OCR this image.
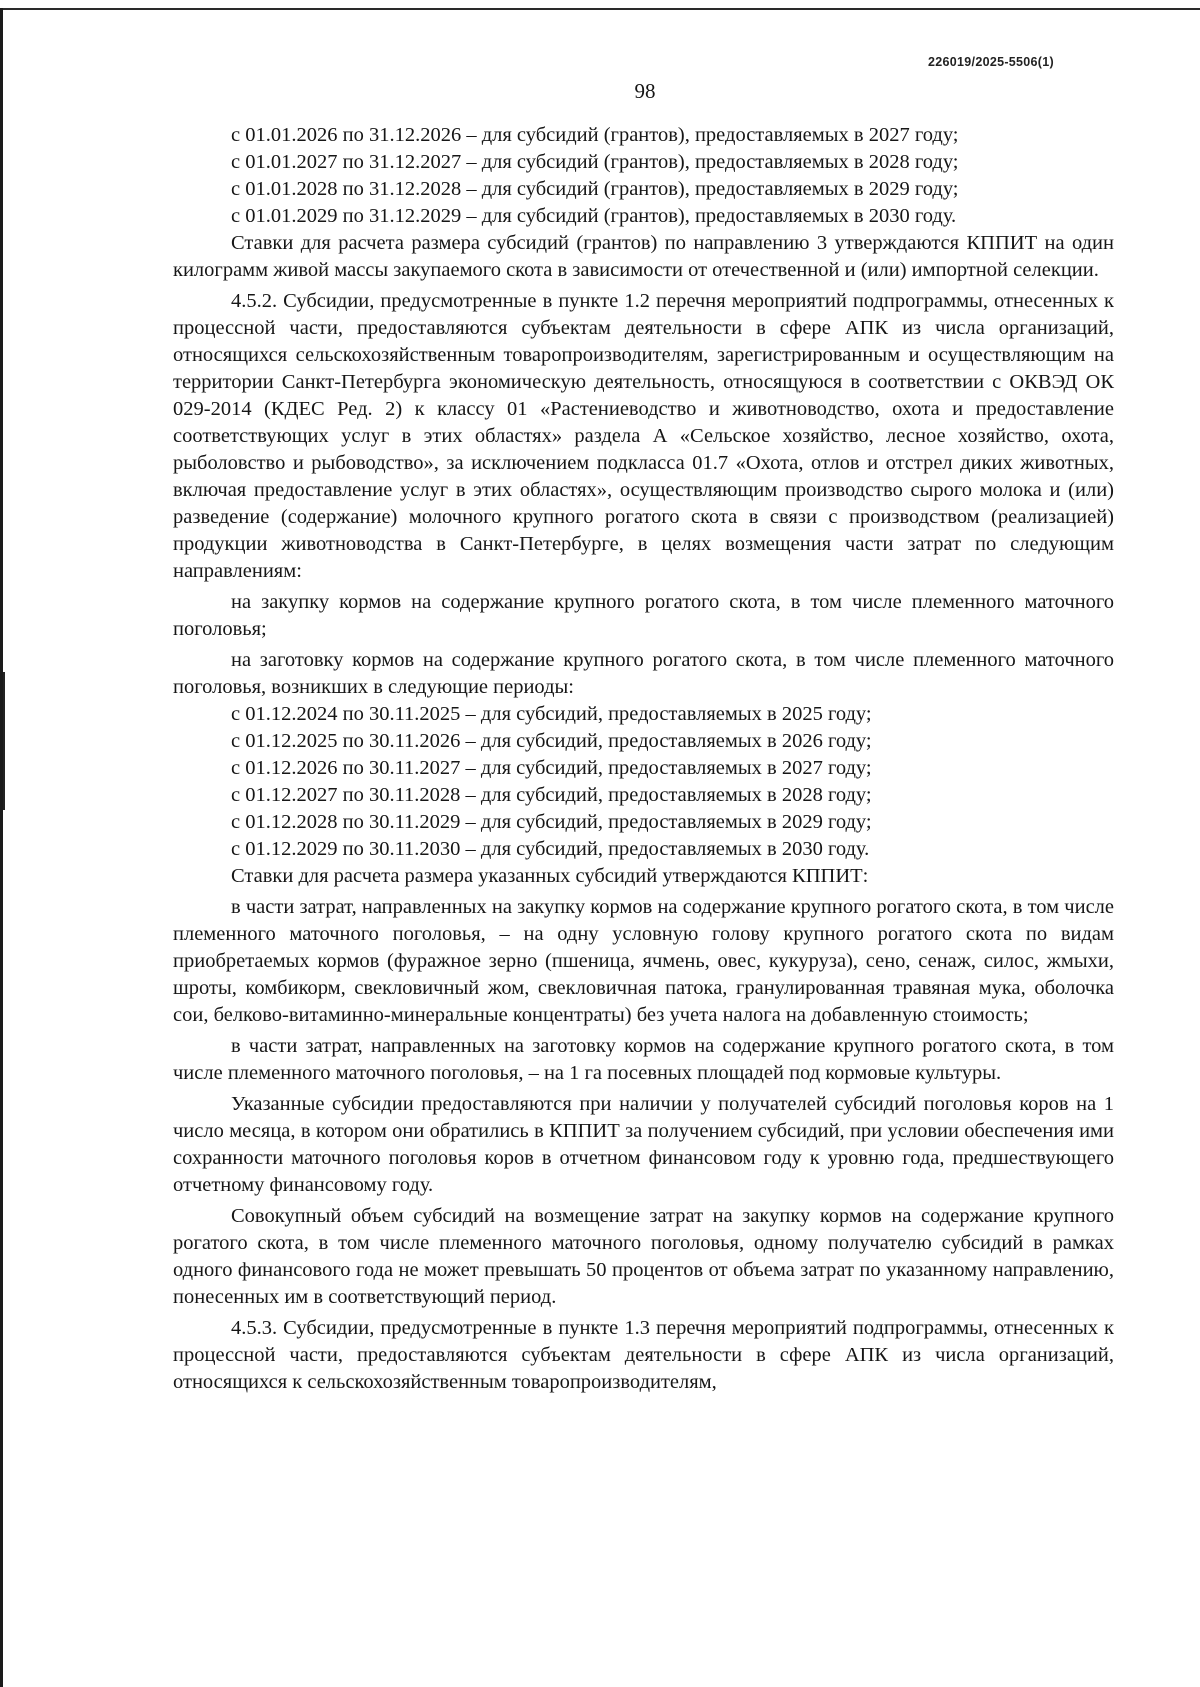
226019/2025-5506(1)
98

с 01.01.2026 по 31.12.2026 – для субсидий (грантов), предоставляемых в 2027 году;

с 01.01.2027 по 31.12.2027 – для субсидий (грантов), предоставляемых в 2028 году;

с 01.01.2028 по 31.12.2028 – для субсидий (грантов), предоставляемых в 2029 году;

с 01.01.2029 по 31.12.2029 – для субсидий (грантов), предоставляемых в 2030 году.

Ставки для расчета размера субсидий (грантов) по направлению 3 утверждаются КППИТ на один килограмм живой массы закупаемого скота в зависимости от отечественной и (или) импортной селекции.

4.5.2. Субсидии, предусмотренные в пункте 1.2 перечня мероприятий подпрограммы, отнесенных к процессной части, предоставляются субъектам деятельности в сфере АПК из числа организаций, относящихся сельскохозяйственным товаропроизводителям, зарегистрированным и осуществляющим на территории Санкт-Петербурга экономическую деятельность, относящуюся в соответствии с ОКВЭД ОК 029-2014 (КДЕС Ред. 2) к классу 01 «Растениеводство и животноводство, охота и предоставление соответствующих услуг в этих областях» раздела А «Сельское хозяйство, лесное хозяйство, охота, рыболовство и рыбоводство», за исключением подкласса 01.7 «Охота, отлов и отстрел диких животных, включая предоставление услуг в этих областях», осуществляющим производство сырого молока и (или) разведение (содержание) молочного крупного рогатого скота в связи с производством (реализацией) продукции животноводства в Санкт-Петербурге, в целях возмещения части затрат по следующим направлениям:

на закупку кормов на содержание крупного рогатого скота, в том числе племенного маточного поголовья;

на заготовку кормов на содержание крупного рогатого скота, в том числе племенного маточного поголовья, возникших в следующие периоды:

с 01.12.2024 по 30.11.2025 – для субсидий, предоставляемых в 2025 году;

с 01.12.2025 по 30.11.2026 – для субсидий, предоставляемых в 2026 году;

с 01.12.2026 по 30.11.2027 – для субсидий, предоставляемых в 2027 году;

с 01.12.2027 по 30.11.2028 – для субсидий, предоставляемых в 2028 году;

с 01.12.2028 по 30.11.2029 – для субсидий, предоставляемых в 2029 году;

с 01.12.2029 по 30.11.2030 – для субсидий, предоставляемых в 2030 году.

Ставки для расчета размера указанных субсидий утверждаются КППИТ:

в части затрат, направленных на закупку кормов на содержание крупного рогатого скота, в том числе племенного маточного поголовья, – на одну условную голову крупного рогатого скота по видам приобретаемых кормов (фуражное зерно (пшеница, ячмень, овес, кукуруза), сено, сенаж, силос, жмыхи, шроты, комбикорм, свекловичный жом, свекловичная патока, гранулированная травяная мука, оболочка сои, белково-витаминно-минеральные концентраты) без учета налога на добавленную стоимость;

в части затрат, направленных на заготовку кормов на содержание крупного рогатого скота, в том числе племенного маточного поголовья, – на 1 га посевных площадей под кормовые культуры.

Указанные субсидии предоставляются при наличии у получателей субсидий поголовья коров на 1 число месяца, в котором они обратились в КППИТ за получением субсидий, при условии обеспечения ими сохранности маточного поголовья коров в отчетном финансовом году к уровню года, предшествующего отчетному финансовому году.

Совокупный объем субсидий на возмещение затрат на закупку кормов на содержание крупного рогатого скота, в том числе племенного маточного поголовья, одному получателю субсидий в рамках одного финансового года не может превышать 50 процентов от объема затрат по указанному направлению, понесенных им в соответствующий период.

4.5.3. Субсидии, предусмотренные в пункте 1.3 перечня мероприятий подпрограммы, отнесенных к процессной части, предоставляются субъектам деятельности в сфере АПК из числа организаций, относящихся к сельскохозяйственным товаропроизводителям,
